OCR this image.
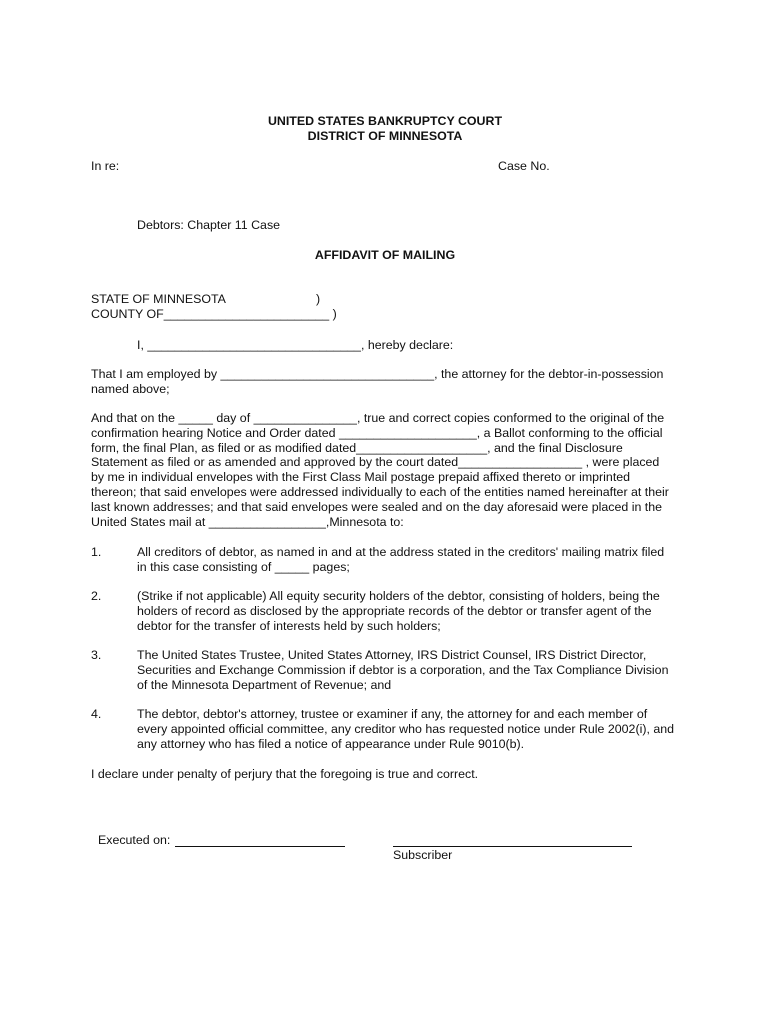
UNITED STATES BANKRUPTCY COURT
DISTRICT OF MINNESOTA
In re:	Case No.
Debtors: Chapter 11 Case
AFFIDAVIT OF MAILING
STATE OF MINNESOTA	)
COUNTY OF________________________ )
I, _______________________________, hereby declare:
That I am employed by _______________________________, the attorney for the debtor-in-possession
named above;
And that on the _____ day of _______________, true and correct copies conformed to the original of the
confirmation hearing Notice and Order dated ____________________, a Ballot conforming to the official
form, the final Plan, as filed or as modified dated___________________, and the final Disclosure
Statement as filed or as amended and approved by the court dated__________________ , were placed
by me in individual envelopes with the First Class Mail postage prepaid affixed thereto or imprinted
thereon; that said envelopes were addressed individually to each of the entities named hereinafter at their
last known addresses; and that said envelopes were sealed and on the day aforesaid were placed in the
United States mail at _________________,Minnesota to:
1.	All creditors of debtor, as named in and at the address stated in the creditors' mailing matrix filed
in this case consisting of _____ pages;
2.	(Strike if not applicable) All equity security holders of the debtor, consisting of holders, being the
holders of record as disclosed by the appropriate records of the debtor or transfer agent of the
debtor for the transfer of interests held by such holders;
3.	The United States Trustee, United States Attorney, IRS District Counsel, IRS District Director,
Securities and Exchange Commission if debtor is a corporation, and the Tax Compliance Division
of the Minnesota Department of Revenue; and
4.	The debtor, debtor's attorney, trustee or examiner if any, the attorney for and each member of
every appointed official committee, any creditor who has requested notice under Rule 2002(i), and
any attorney who has filed a notice of appearance under Rule 9010(b).
I declare under penalty of perjury that the foregoing is true and correct.
Executed on:
Subscriber
